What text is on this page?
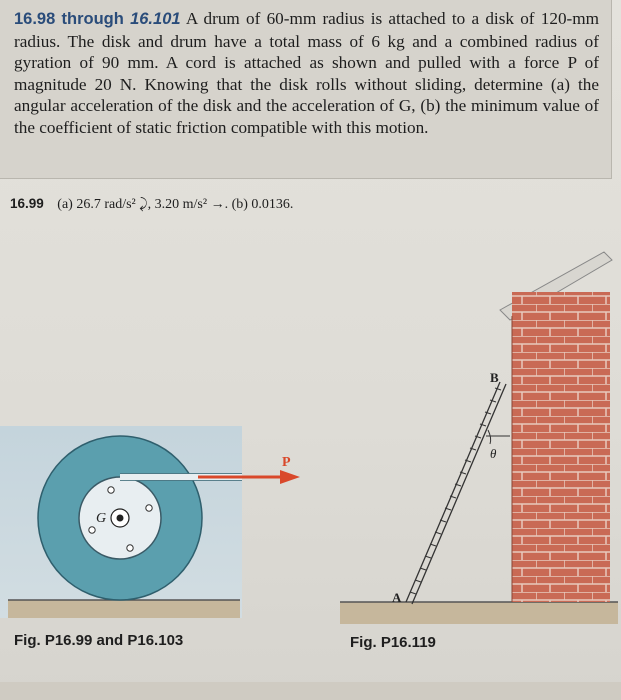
16.98 through 16.101 A drum of 60-mm radius is attached to a disk of 120-mm radius. The disk and drum have a total mass of 6 kg and a combined radius of gyration of 90 mm. A cord is attached as shown and pulled with a force P of magnitude 20 N. Knowing that the disk rolls without sliding, determine (a) the angular acceleration of the disk and the acceleration of G, (b) the minimum value of the coefficient of static friction compatible with this motion.
16.99 (a) 26.7 rad/s² ⤸, 3.20 m/s² →. (b) 0.0136.
G
P
B
θ
A
Fig. P16.99 and P16.103	Fig. P16.119
